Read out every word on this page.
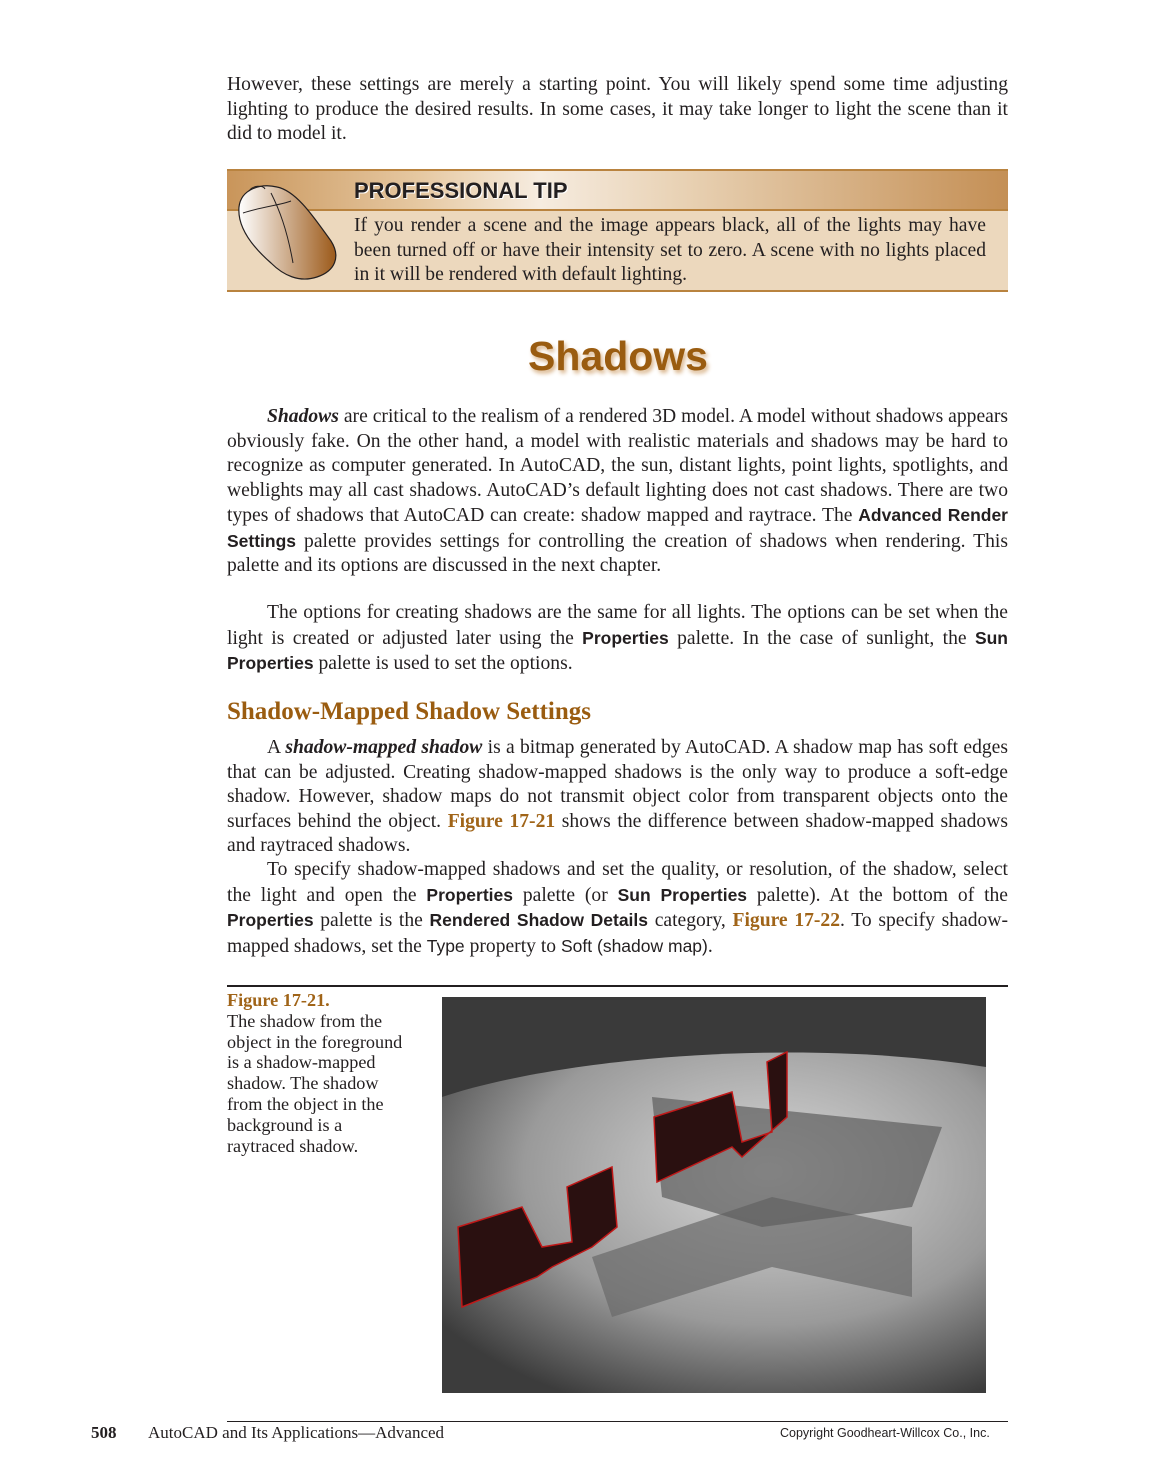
However, these settings are merely a starting point. You will likely spend some time adjusting lighting to produce the desired results. In some cases, it may take longer to light the scene than it did to model it.

PROFESSIONAL TIP
If you render a scene and the image appears black, all of the lights may have been turned off or have their intensity set to zero. A scene with no lights placed in it will be rendered with default lighting.
Shadows

Shadows are critical to the realism of a rendered 3D model. A model without shadows appears obviously fake. On the other hand, a model with realistic materials and shadows may be hard to recognize as computer generated. In AutoCAD, the sun, distant lights, point lights, spotlights, and weblights may all cast shadows. AutoCAD’s default lighting does not cast shadows. There are two types of shadows that AutoCAD can create: shadow mapped and raytrace. The Advanced Render Settings palette provides settings for controlling the creation of shadows when rendering. This palette and its options are discussed in the next chapter.

The options for creating shadows are the same for all lights. The options can be set when the light is created or adjusted later using the Properties palette. In the case of sunlight, the Sun Properties palette is used to set the options.

Shadow-Mapped Shadow Settings

A shadow-mapped shadow is a bitmap generated by AutoCAD. A shadow map has soft edges that can be adjusted. Creating shadow-mapped shadows is the only way to produce a soft-edge shadow. However, shadow maps do not transmit object color from transparent objects onto the surfaces behind the object. Figure 17-21 shows the difference between shadow-mapped shadows and raytraced shadows.

To specify shadow-mapped shadows and set the quality, or resolution, of the shadow, select the light and open the Properties palette (or Sun Properties palette). At the bottom of the Properties palette is the Rendered Shadow Details category, Figure 17-22. To specify shadow-mapped shadows, set the Type property to Soft (shadow map).

Figure 17-21.
The shadow from the object in the foreground is a shadow-mapped shadow. The shadow from the object in the background is a raytraced shadow.
508 AutoCAD and Its Applications—Advanced	Copyright Goodheart-Willcox Co., Inc.
